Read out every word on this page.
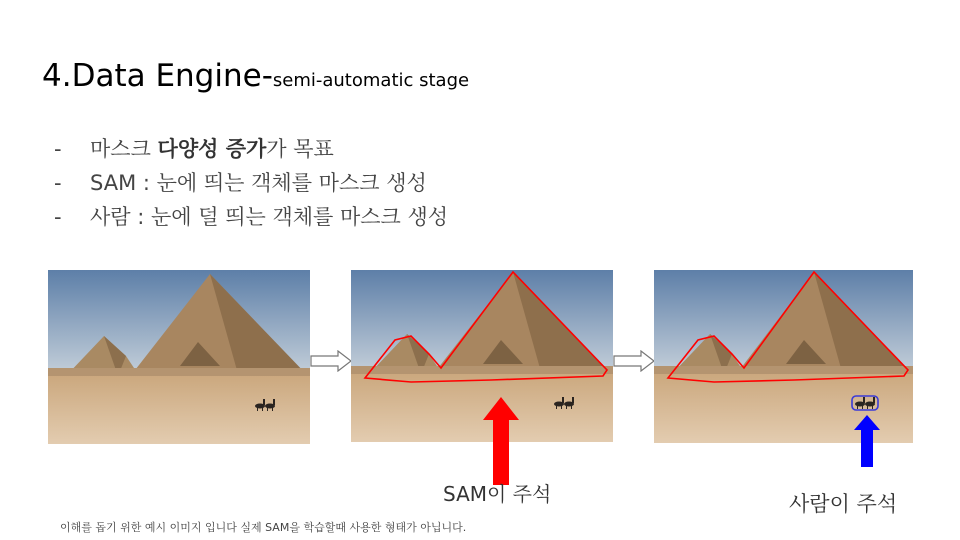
4.Data Engine-semi-automatic stage
- 마스크 다양성 증가가 목표
- SAM : 눈에 띄는 객체를 마스크 생성
- 사람 : 눈에 덜 띄는 객체를 마스크 생성
SAM이 주석	사람이 주석
이해를 돕기 위한 예시 이미지 입니다 실제 SAM을 학습할때 사용한 형태가 아닙니다.
